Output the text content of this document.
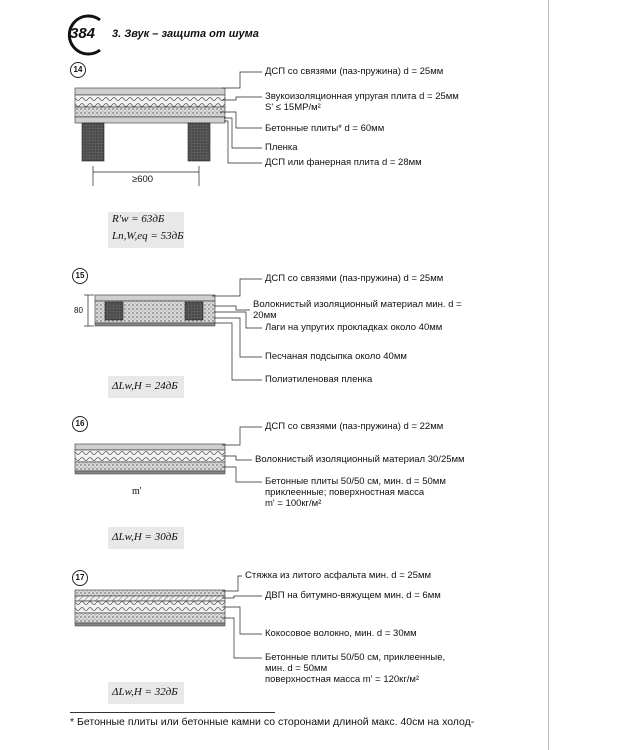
384 3. Звук – защита от шума
14	ДСП со связями (паз-пружина) d = 25мм
Звукоизоляционная упругая плита d = 25мм
S' ≤ 15МР/м²
Бетонные плиты* d = 60мм
Пленка
ДСП или фанерная плита d = 28мм
≥600
R'w = 63дБ
Ln,W,eq = 53дБ
15	ДСП со связями (паз-пружина) d = 25мм
Волокнистый изоляционный материал мин. d = 20мм
Лаги на упругих прокладках около 40мм
Песчаная подсыпка около 40мм
Полиэтиленовая пленка
80
ΔLw,H = 24дБ
16	ДСП со связями (паз-пружина) d = 22мм
Волокнистый изоляционный материал 30/25мм
Бетонные плиты 50/50 см, мин. d = 50мм
приклеенные; поверхностная масса
m' = 100кг/м²
m'
ΔLw,H = 30дБ
17	Стяжка из литого асфальта мин. d = 25мм
ДВП на битумно-вяжущем мин. d = 6мм
Кокосовое волокно, мин. d = 30мм
Бетонные плиты 50/50 см, приклеенные,
мин. d = 50мм
поверхностная масса m' = 120кг/м²
ΔLw,H = 32дБ
* Бетонные плиты или бетонные камни со сторонами длиной макс. 40см на холод-
